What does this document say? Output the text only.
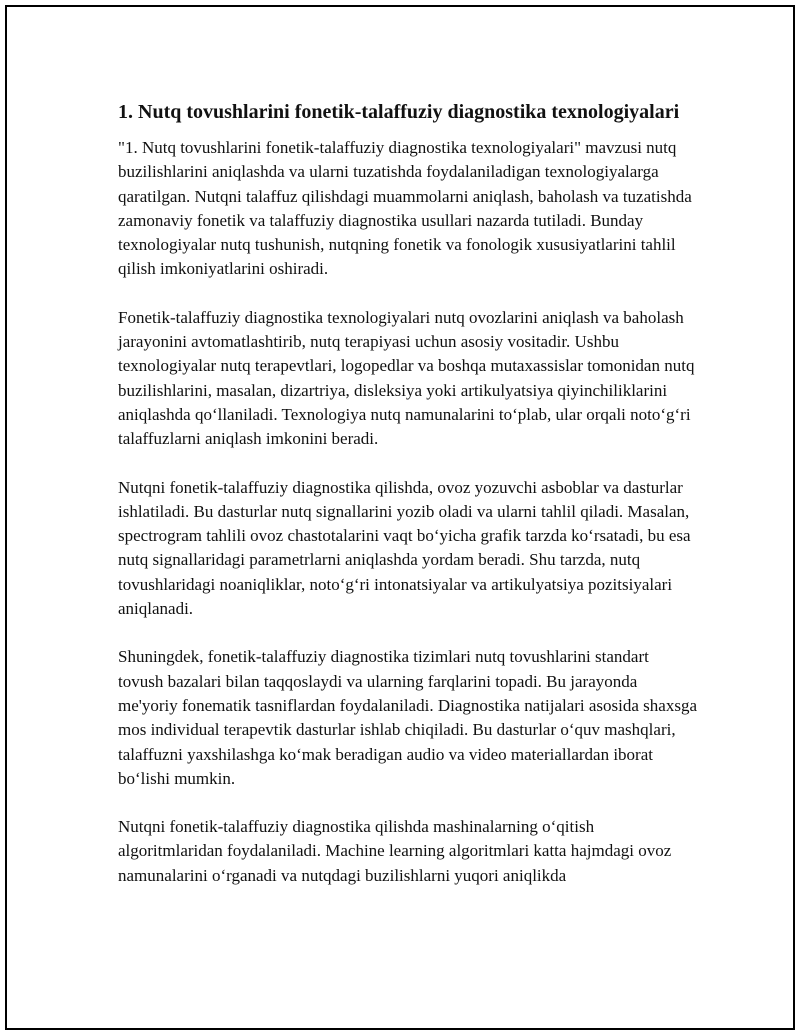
1. Nutq tovushlarini fonetik-talaffuziy diagnostika texnologiyalari

"1. Nutq tovushlarini fonetik-talaffuziy diagnostika texnologiyalari" mavzusi nutq buzilishlarini aniqlashda va ularni tuzatishda foydalaniladigan texnologiyalarga qaratilgan. Nutqni talaffuz qilishdagi muammolarni aniqlash, baholash va tuzatishda zamonaviy fonetik va talaffuziy diagnostika usullari nazarda tutiladi. Bunday texnologiyalar nutq tushunish, nutqning fonetik va fonologik xususiyatlarini tahlil qilish imkoniyatlarini oshiradi.

Fonetik-talaffuziy diagnostika texnologiyalari nutq ovozlarini aniqlash va baholash jarayonini avtomatlashtirib, nutq terapiyasi uchun asosiy vositadir. Ushbu texnologiyalar nutq terapevtlari, logopedlar va boshqa mutaxassislar tomonidan nutq buzilishlarini, masalan, dizartriya, disleksiya yoki artikulyatsiya qiyinchiliklarini aniqlashda qo‘llaniladi. Texnologiya nutq namunalarini to‘plab, ular orqali noto‘g‘ri talaffuzlarni aniqlash imkonini beradi.

Nutqni fonetik-talaffuziy diagnostika qilishda, ovoz yozuvchi asboblar va dasturlar ishlatiladi. Bu dasturlar nutq signallarini yozib oladi va ularni tahlil qiladi. Masalan, spectrogram tahlili ovoz chastotalarini vaqt bo‘yicha grafik tarzda ko‘rsatadi, bu esa nutq signallaridagi parametrlarni aniqlashda yordam beradi. Shu tarzda, nutq tovushlaridagi noaniqliklar, noto‘g‘ri intonatsiyalar va artikulyatsiya pozitsiyalari aniqlanadi.

Shuningdek, fonetik-talaffuziy diagnostika tizimlari nutq tovushlarini standart tovush bazalari bilan taqqoslaydi va ularning farqlarini topadi. Bu jarayonda me'yoriy fonematik tasniflardan foydalaniladi. Diagnostika natijalari asosida shaxsga mos individual terapevtik dasturlar ishlab chiqiladi. Bu dasturlar o‘quv mashqlari, talaffuzni yaxshilashga ko‘mak beradigan audio va video materiallardan iborat bo‘lishi mumkin.

Nutqni fonetik-talaffuziy diagnostika qilishda mashinalarning o‘qitish algoritmlaridan foydalaniladi. Machine learning algoritmlari katta hajmdagi ovoz namunalarini o‘rganadi va nutqdagi buzilishlarni yuqori aniqlikda
